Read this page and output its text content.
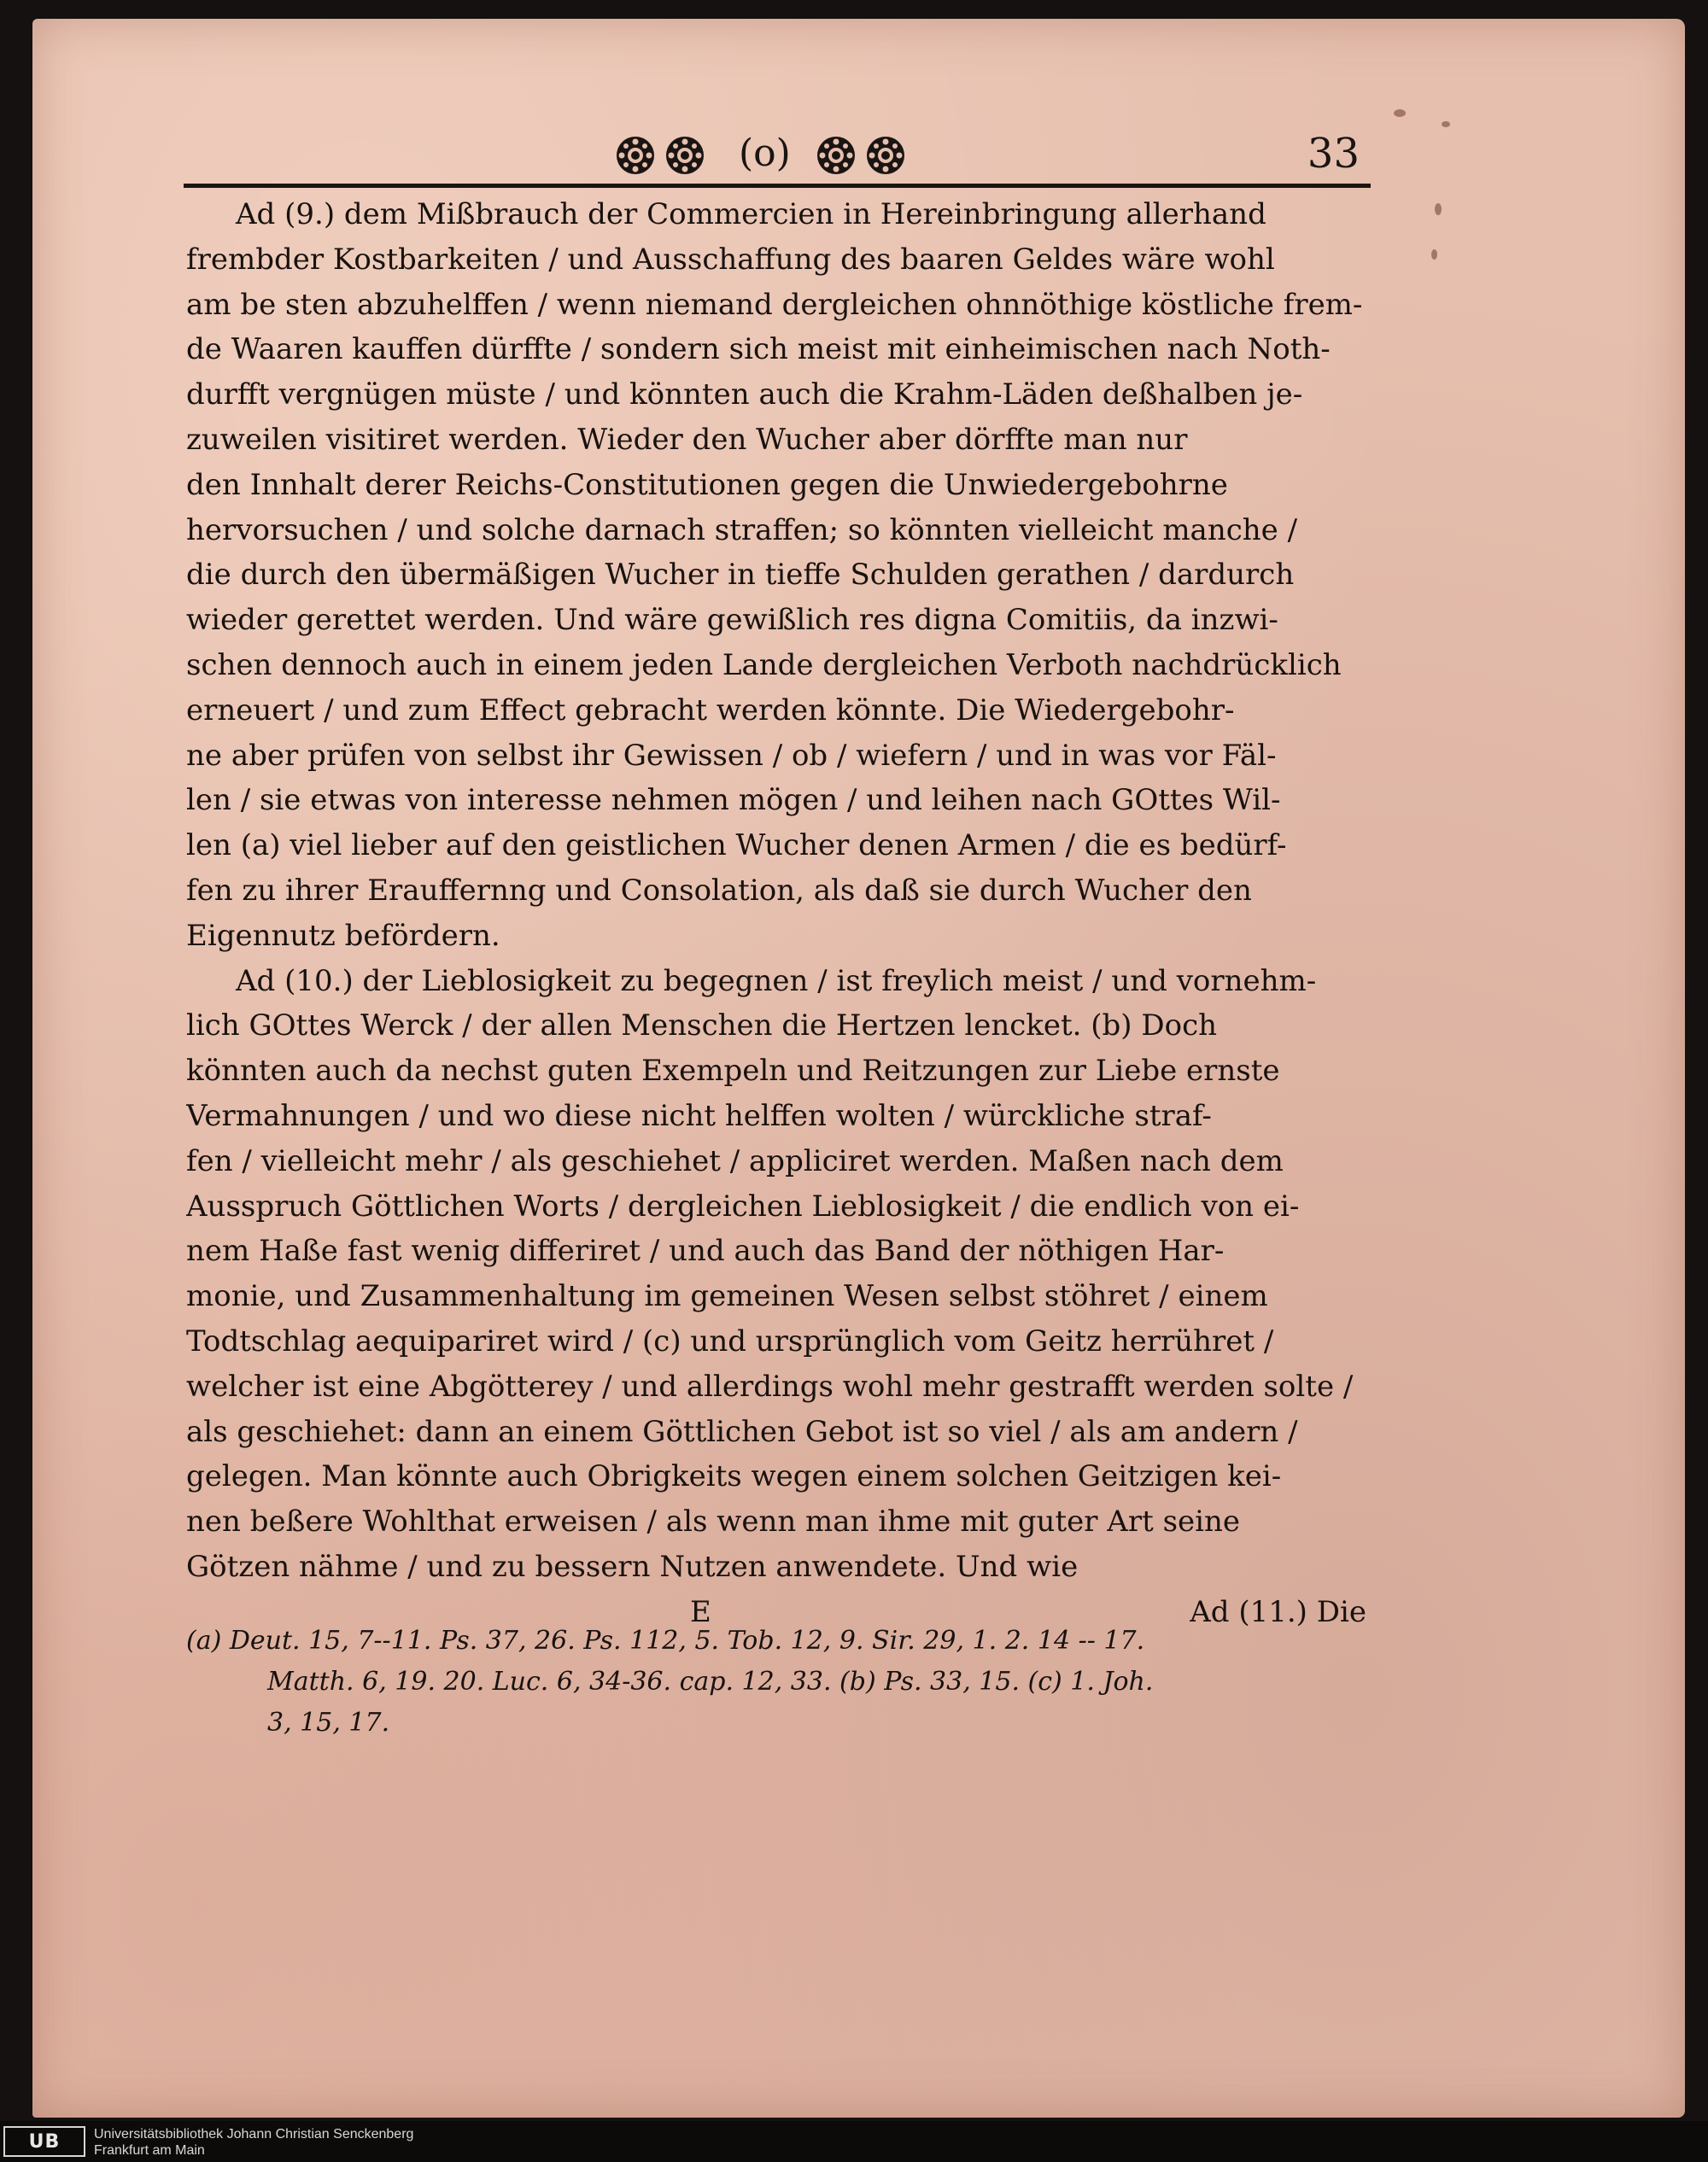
(o)	33
Ad (9.) dem Mißbrauch der Commercien in Hereinbringung allerhand
frembder Kostbarkeiten / und Ausschaffung des baaren Geldes wäre wohl
am be sten abzuhelffen / wenn niemand dergleichen ohnnöthige köstliche frem-
de Waaren kauffen dürffte / sondern sich meist mit einheimischen nach Noth-
durfft vergnügen müste / und könnten auch die Krahm-Läden deßhalben je-
zuweilen visitiret werden. Wieder den Wucher aber dörffte man nur
den Innhalt derer Reichs-Constitutionen gegen die Unwiedergebohrne
hervorsuchen / und solche darnach straffen; so könnten vielleicht manche /
die durch den übermäßigen Wucher in tieffe Schulden gerathen / dardurch
wieder gerettet werden. Und wäre gewißlich res digna Comitiis, da inzwi-
schen dennoch auch in einem jeden Lande dergleichen Verboth nachdrücklich
erneuert / und zum Effect gebracht werden könnte. Die Wiedergebohr-
ne aber prüfen von selbst ihr Gewissen / ob / wiefern / und in was vor Fäl-
len / sie etwas von interesse nehmen mögen / und leihen nach GOttes Wil-
len (a) viel lieber auf den geistlichen Wucher denen Armen / die es bedürf-
fen zu ihrer Erauffernng und Consolation, als daß sie durch Wucher den
Eigennutz befördern.
Ad (10.) der Lieblosigkeit zu begegnen / ist freylich meist / und vornehm-
lich GOttes Werck / der allen Menschen die Hertzen lencket. (b) Doch
könnten auch da nechst guten Exempeln und Reitzungen zur Liebe ernste
Vermahnungen / und wo diese nicht helffen wolten / würckliche straf-
fen / vielleicht mehr / als geschiehet / appliciret werden. Maßen nach dem
Ausspruch Göttlichen Worts / dergleichen Lieblosigkeit / die endlich von ei-
nem Haße fast wenig differiret / und auch das Band der nöthigen Har-
monie, und Zusammenhaltung im gemeinen Wesen selbst stöhret / einem
Todtschlag aequipariret wird / (c) und ursprünglich vom Geitz herrühret /
welcher ist eine Abgötterey / und allerdings wohl mehr gestrafft werden solte /
als geschiehet: dann an einem Göttlichen Gebot ist so viel / als am andern /
gelegen. Man könnte auch Obrigkeits wegen einem solchen Geitzigen kei-
nen beßere Wohlthat erweisen / als wenn man ihme mit guter Art seine
Götzen nähme / und zu bessern Nutzen anwendete. Und wie
E	Ad (11.) Die
(a) Deut. 15, 7--11. Ps. 37, 26. Ps. 112, 5. Tob. 12, 9. Sir. 29, 1. 2. 14 -- 17.
Matth. 6, 19. 20. Luc. 6, 34-36. cap. 12, 33. (b) Ps. 33, 15. (c) 1. Joh.
3, 15, 17.
UB	Universitätsbibliothek Johann Christian Senckenberg
Frankfurt am Main
